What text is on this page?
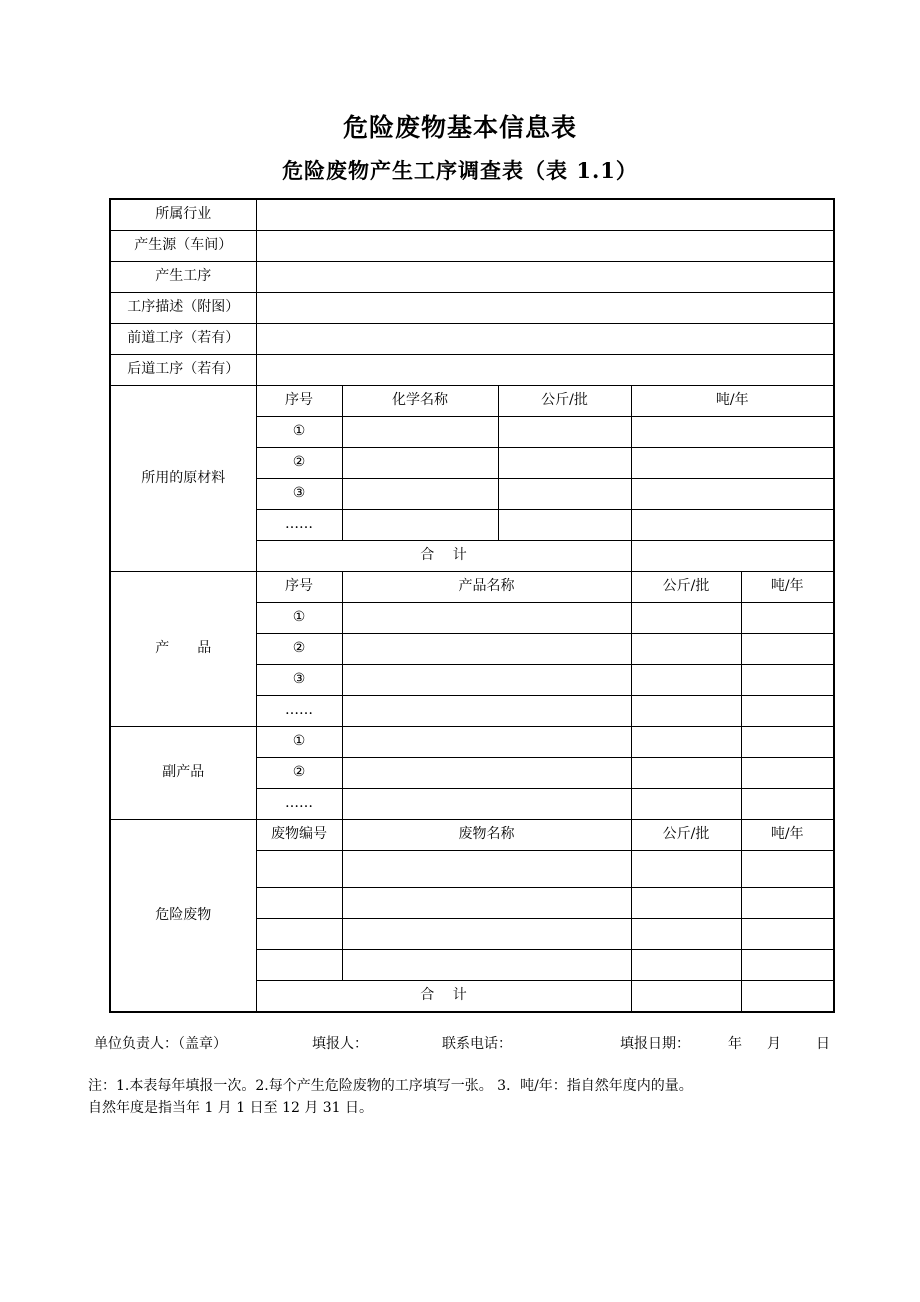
危险废物基本信息表
危险废物产生工序调查表（表 1.1）
所属行业					
产生源（车间）					
产生工序					
工序描述（附图）					
前道工序（若有）					
后道工序（若有）					
所用的原材料	序号	化学名称	公斤/批	吨/年	
	①				
	②				
	③				
	……				
	合　 计				
产　　品	序号	产品名称		公斤/批	吨/年
	①				
	②				
	③				
	……				
副产品	①				
	②				
	……				
危险废物	废物编号	废物名称		公斤/批	吨/年

	合　 计				
单位负责人：（盖章）	填报人：	联系电话：	填报日期：	年 月	日
注：1.本表每年填报一次。2.每个产生危险废物的工序填写一张。 3．吨/年：指自然年度内的量。
自然年度是指当年 1 月 1 日至 12 月 31 日。
